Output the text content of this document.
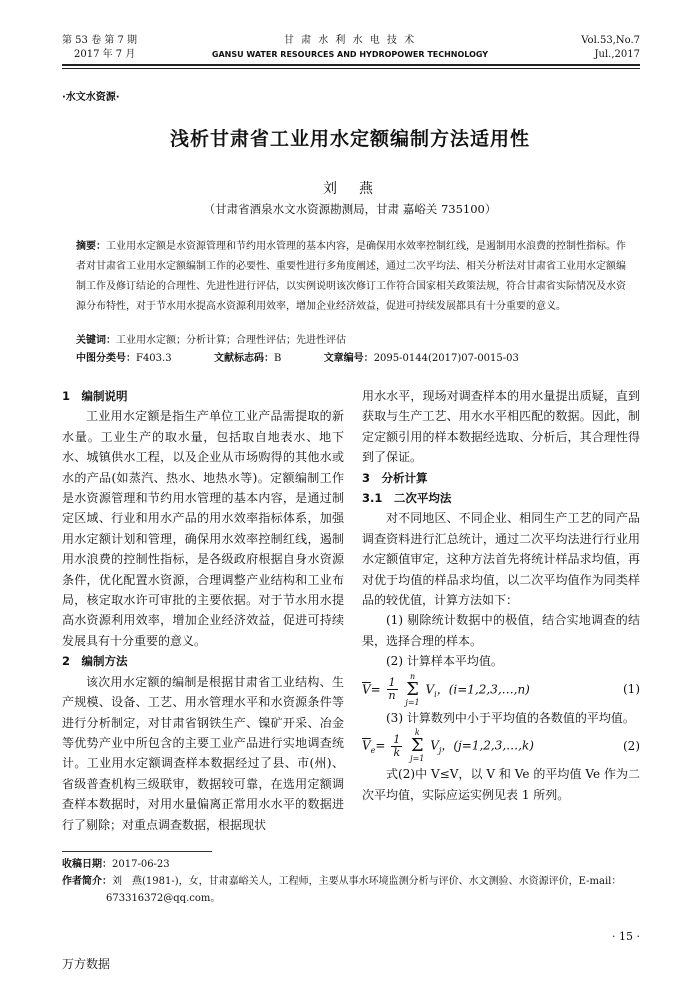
第 53 卷 第 7 期
2017 年 7 月
甘 肃 水 利 水 电 技 术
GANSU WATER RESOURCES AND HYDROPOWER TECHNOLOGY
Vol.53,No.7
Jul.,2017
·水文水资源·
浅析甘肃省工业用水定额编制方法适用性
刘　燕
（甘肃省酒泉水文水资源勘测局，甘肃 嘉峪关 735100）
摘要：工业用水定额是水资源管理和节约用水管理的基本内容，是确保用水效率控制红线，是遏制用水浪费的控制性指标。作者对甘肃省工业用水定额编制工作的必要性、重要性进行多角度阐述，通过二次平均法、相关分析法对甘肃省工业用水定额编制工作及修订结论的合理性、先进性进行评估，以实例说明该次修订工作符合国家相关政策法规，符合甘肃省实际情况及水资源分布特性，对于节水用水提高水资源利用效率，增加企业经济效益，促进可持续发展都具有十分重要的意义。
关键词：工业用水定额；分析计算；合理性评估；先进性评估
中图分类号：F403.3	文献标志码：B	文章编号：2095-0144(2017)07-0015-03

1　编制说明

工业用水定额是指生产单位工业产品需提取的新水量。工业生产的取水量，包括取自地表水、地下水、城镇供水工程，以及企业从市场购得的其他水或水的产品(如蒸汽、热水、地热水等)。定额编制工作是水资源管理和节约用水管理的基本内容，是通过制定区域、行业和用水产品的用水效率指标体系，加强用水定额计划和管理，确保用水效率控制红线，遏制用水浪费的控制性指标，是各级政府根据自身水资源条件，优化配置水资源，合理调整产业结构和工业布局，核定取水许可审批的主要依据。对于节水用水提高水资源利用效率，增加企业经济效益，促进可持续发展具有十分重要的意义。

2　编制方法

该次用水定额的编制是根据甘肃省工业结构、生产规模、设备、工艺、用水管理水平和水资源条件等进行分析制定，对甘肃省钢铁生产、镍矿开采、冶金等优势产业中所包含的主要工业产品进行实地调查统计。工业用水定额调查样本数据经过了县、市(州)、省级普查机构三级联审，数据较可靠，在选用定额调查样本数据时，对用水量偏离正常用水水平的数据进行了剔除；对重点调查数据，根据现状

用水水平，现场对调查样本的用水量提出质疑，直到获取与生产工艺、用水水平相匹配的数据。因此，制定定额引用的样本数据经选取、分析后，其合理性得到了保证。

3　分析计算

3.1　二次平均法

对不同地区、不同企业、相同生产工艺的同产品调查资料进行汇总统计，通过二次平均法进行行业用水定额值审定，这种方法首先将统计样品求均值，再对优于均值的样品求均值，以二次平均值作为同类样品的较优值，计算方法如下：

(1) 剔除统计数据中的极值，结合实地调查的结果，选择合理的样本。

(2) 计算样本平均值。

$\overline{V}= \frac{1}{n}$

n
Σ
j=1
$V_i$，(i=1,2,3,…,n)	(1)

(3) 计算数列中小于平均值的各数值的平均值。

$\overline{V}_e= \frac{1}{k}$

k
Σ
j=1
$V_j$，(j=1,2,3,…,k)	(2)

式(2)中 V≤V，以 V 和 Ve 的平均值 Ve 作为二次平均值，实际应运实例见表 1 所列。

收稿日期：2017-06-23
作者简介：刘　燕(1981-)，女，甘肃嘉峪关人，工程师，主要从事水环境监测分析与评价、水文测验、水资源评价，E-mail：
673316372@qq.com。
· 15 ·
万方数据
